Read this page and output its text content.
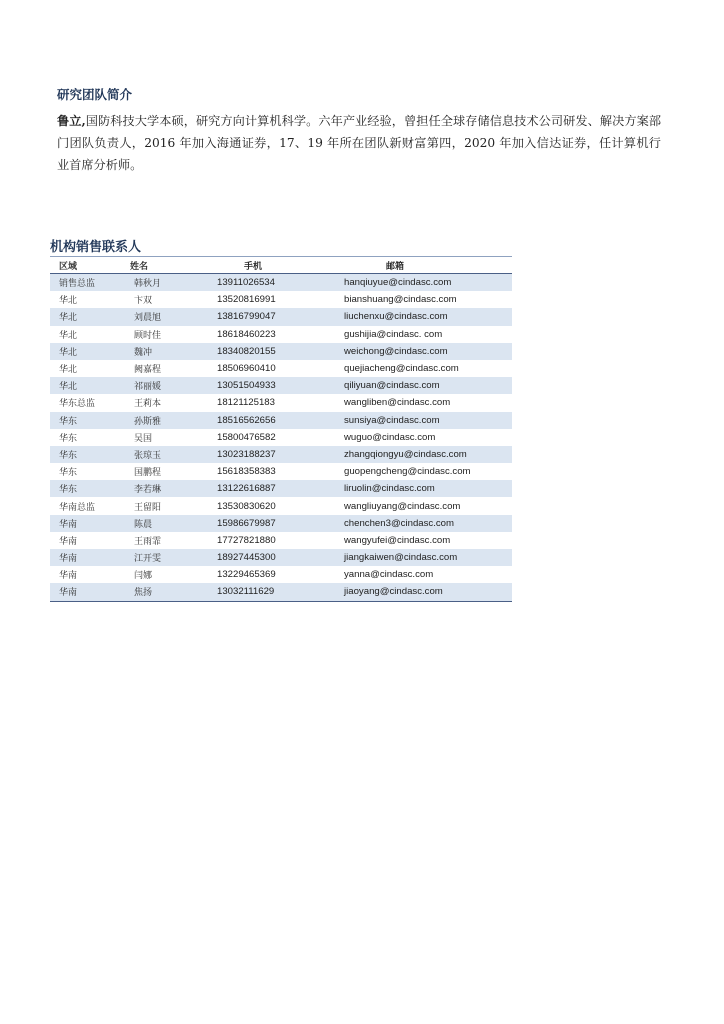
研究团队简介
鲁立,国防科技大学本硕，研究方向计算机科学。六年产业经验，曾担任全球存储信息技术公司研发、解决方案部门团队负责人，2016 年加入海通证券，17、19 年所在团队新财富第四，2020 年加入信达证券，任计算机行业首席分析师。
机构销售联系人
区域	姓名	手机	邮箱
销售总监	韩秋月	13911026534	hanqiuyue@cindasc.com
华北	卞双	13520816991	bianshuang@cindasc.com
华北	刘晨旭	13816799047	liuchenxu@cindasc.com
华北	顾时佳	18618460223	gushijia@cindasc. com
华北	魏冲	18340820155	weichong@cindasc.com
华北	阙嘉程	18506960410	quejiacheng@cindasc.com
华北	祁丽媛	13051504933	qiliyuan@cindasc.com
华东总监	王莉本	18121125183	wangliben@cindasc.com
华东	孙斯雅	18516562656	sunsiya@cindasc.com
华东	吴国	15800476582	wuguo@cindasc.com
华东	张琼玉	13023188237	zhangqiongyu@cindasc.com
华东	国鹏程	15618358383	guopengcheng@cindasc.com
华东	李若琳	13122616887	liruolin@cindasc.com
华南总监	王留阳	13530830620	wangliuyang@cindasc.com
华南	陈晨	15986679987	chenchen3@cindasc.com
华南	王雨霏	17727821880	wangyufei@cindasc.com
华南	江开雯	18927445300	jiangkaiwen@cindasc.com
华南	闫娜	13229465369	yanna@cindasc.com
华南	焦扬	13032111629	jiaoyang@cindasc.com
